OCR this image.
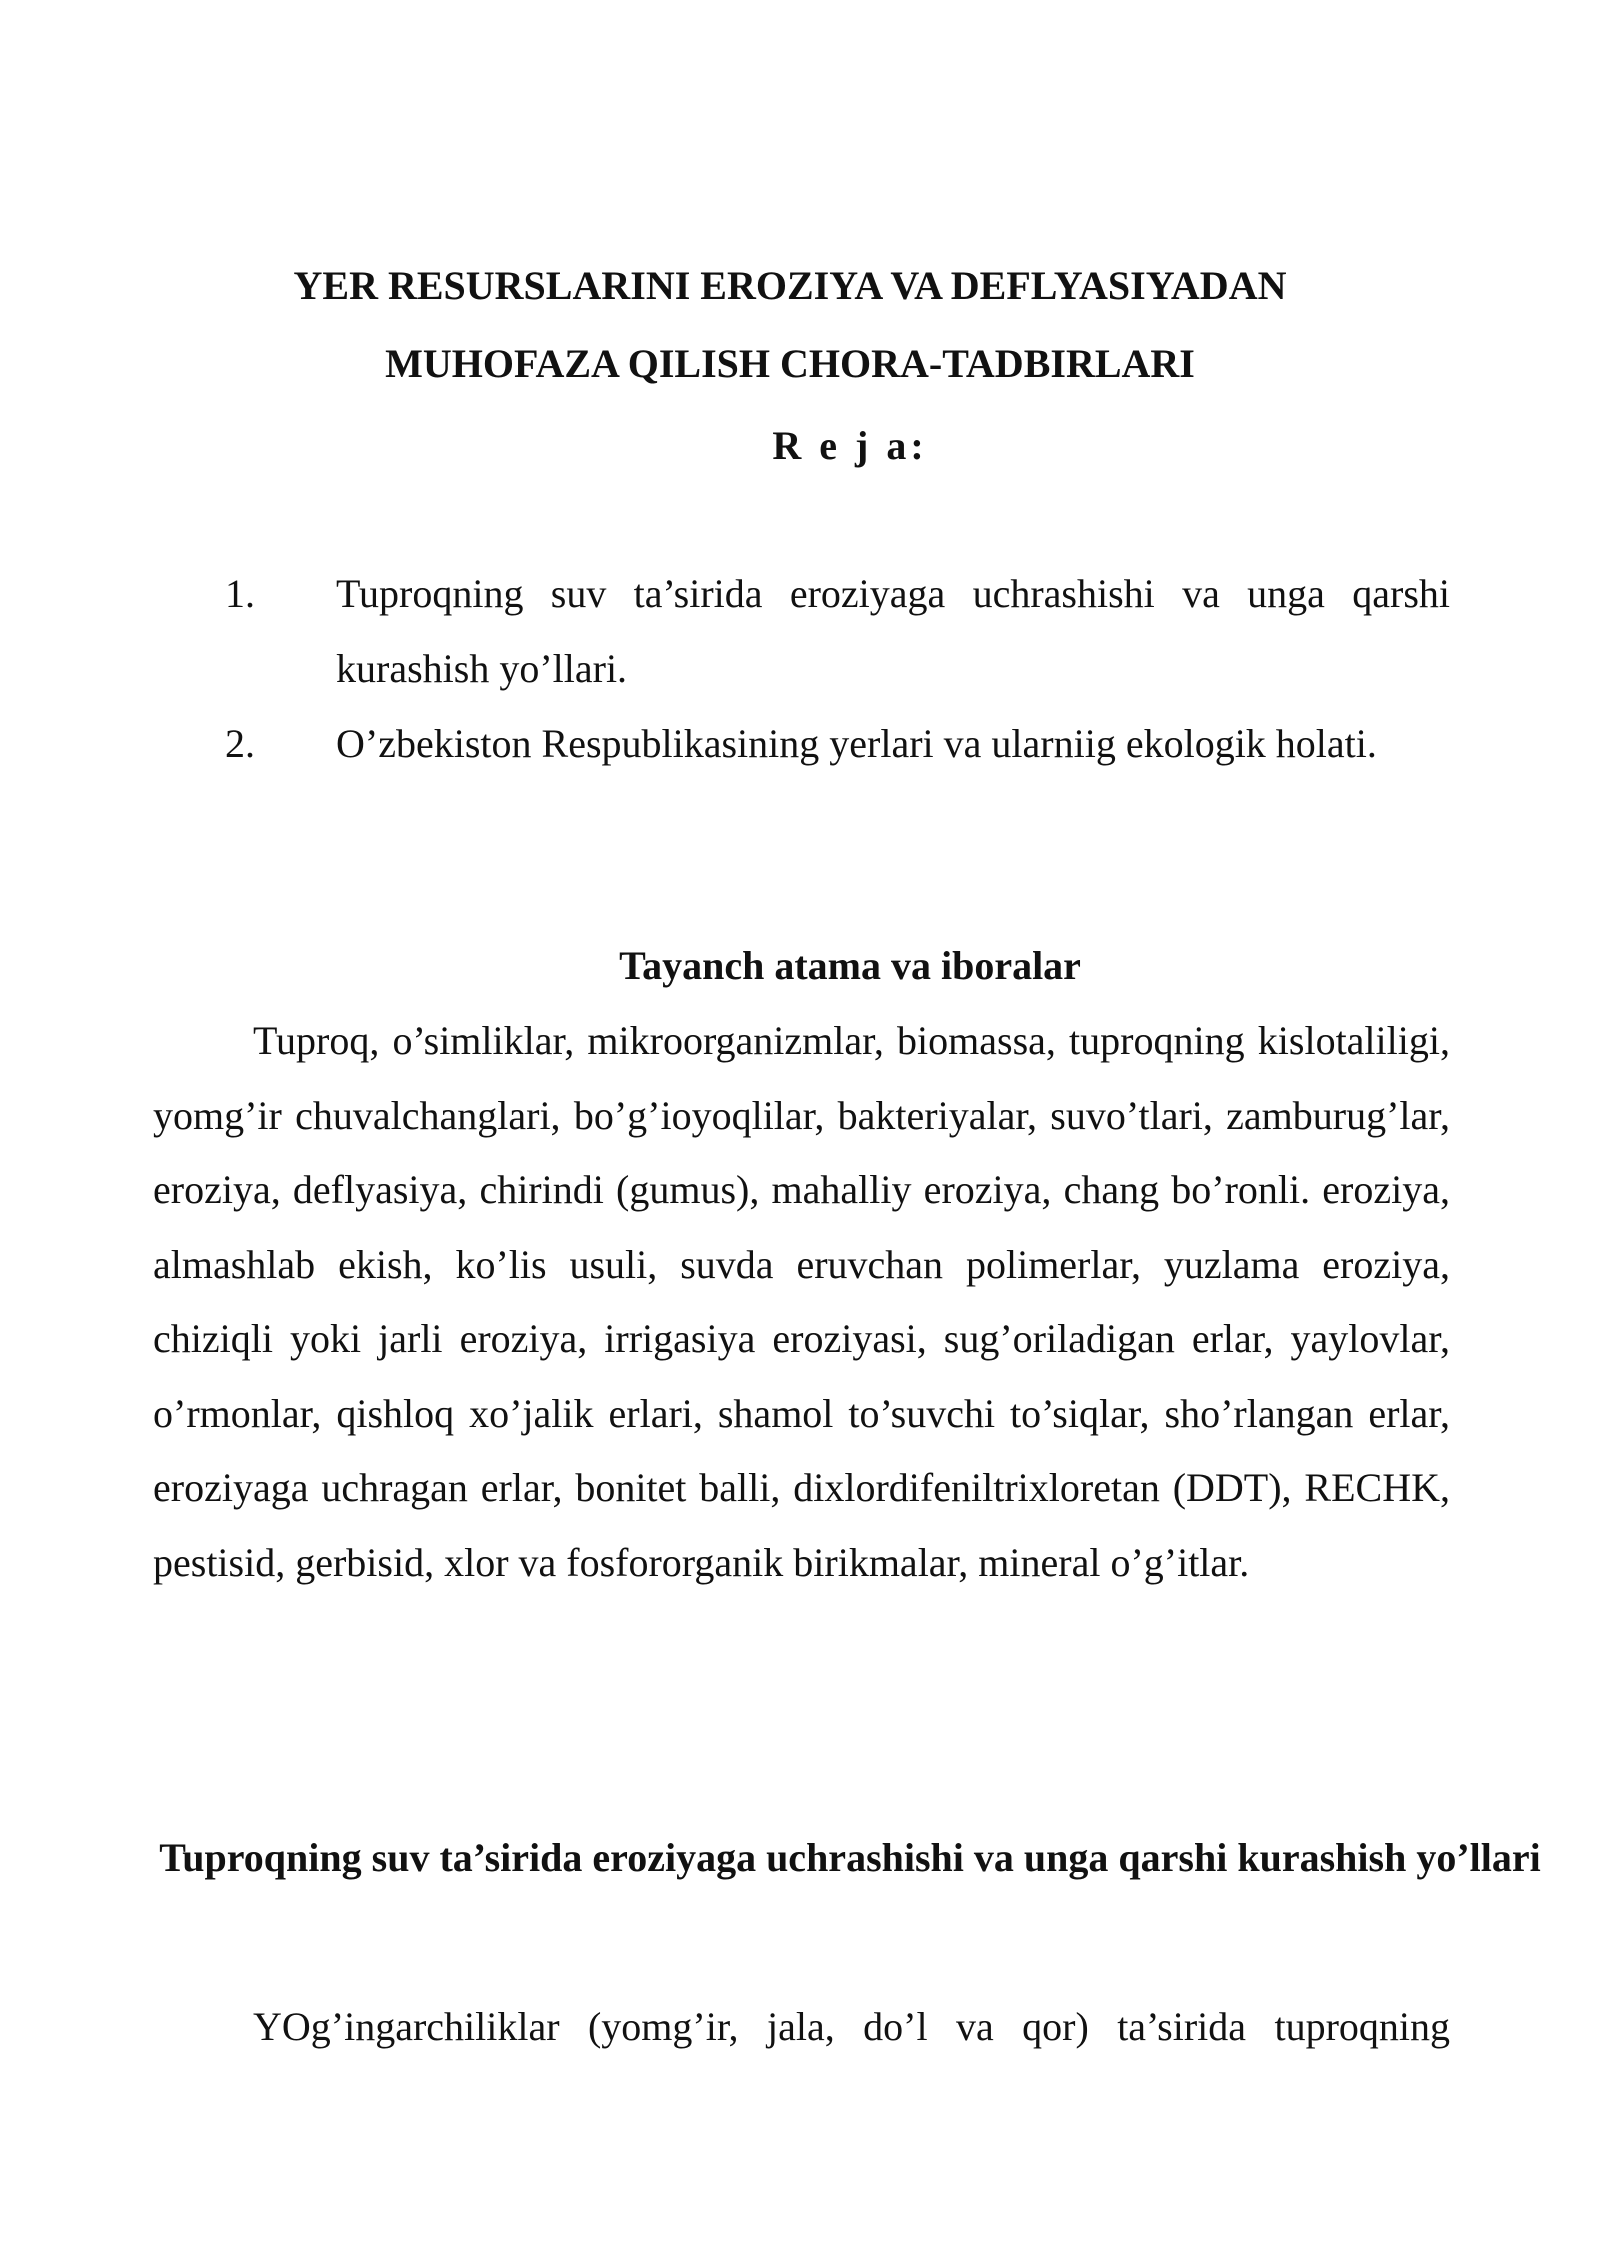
YER RESURSLARINI EROZIYA VA DEFLYASIYADAN
MUHOFAZA QILISH CHORA-TADBIRLARI
R e j a:
1.	Tuproqning suv ta’sirida eroziyaga uchrashishi va unga qarshi kurashish yo’llari.
2.	O’zbekiston Respublikasining yerlari va ularniig ekologik holati.
Tayanch atama va iboralar
Tuproq, o’simliklar, mikroorganizmlar, biomassa, tuproqning kislotaliligi, yomg’ir chuvalchanglari, bo’g’ioyoqlilar, bakteriyalar, suvo’tlari, zamburug’lar, eroziya, deflyasiya, chirindi (gumus), mahalliy eroziya, chang bo’ronli. eroziya, almashlab ekish, ko’lis usuli, suvda eruvchan polimerlar, yuzlama eroziya, chiziqli yoki jarli eroziya, irrigasiya eroziyasi, sug’oriladigan erlar, yaylovlar, o’rmonlar, qishloq xo’jalik erlari, shamol to’suvchi to’siqlar, sho’rlangan erlar, eroziyaga uchragan erlar, bonitet balli, dixlordifeniltrixloretan (DDT), RECHK, pestisid, gerbisid, xlor va fosfororganik birikmalar, mineral o’g’itlar.
Tuproqning suv ta’sirida eroziyaga uchrashishi va unga qarshi kurashish yo’llari
YOg’ingarchiliklar (yomg’ir, jala, do’l va qor) ta’sirida tuproqning
